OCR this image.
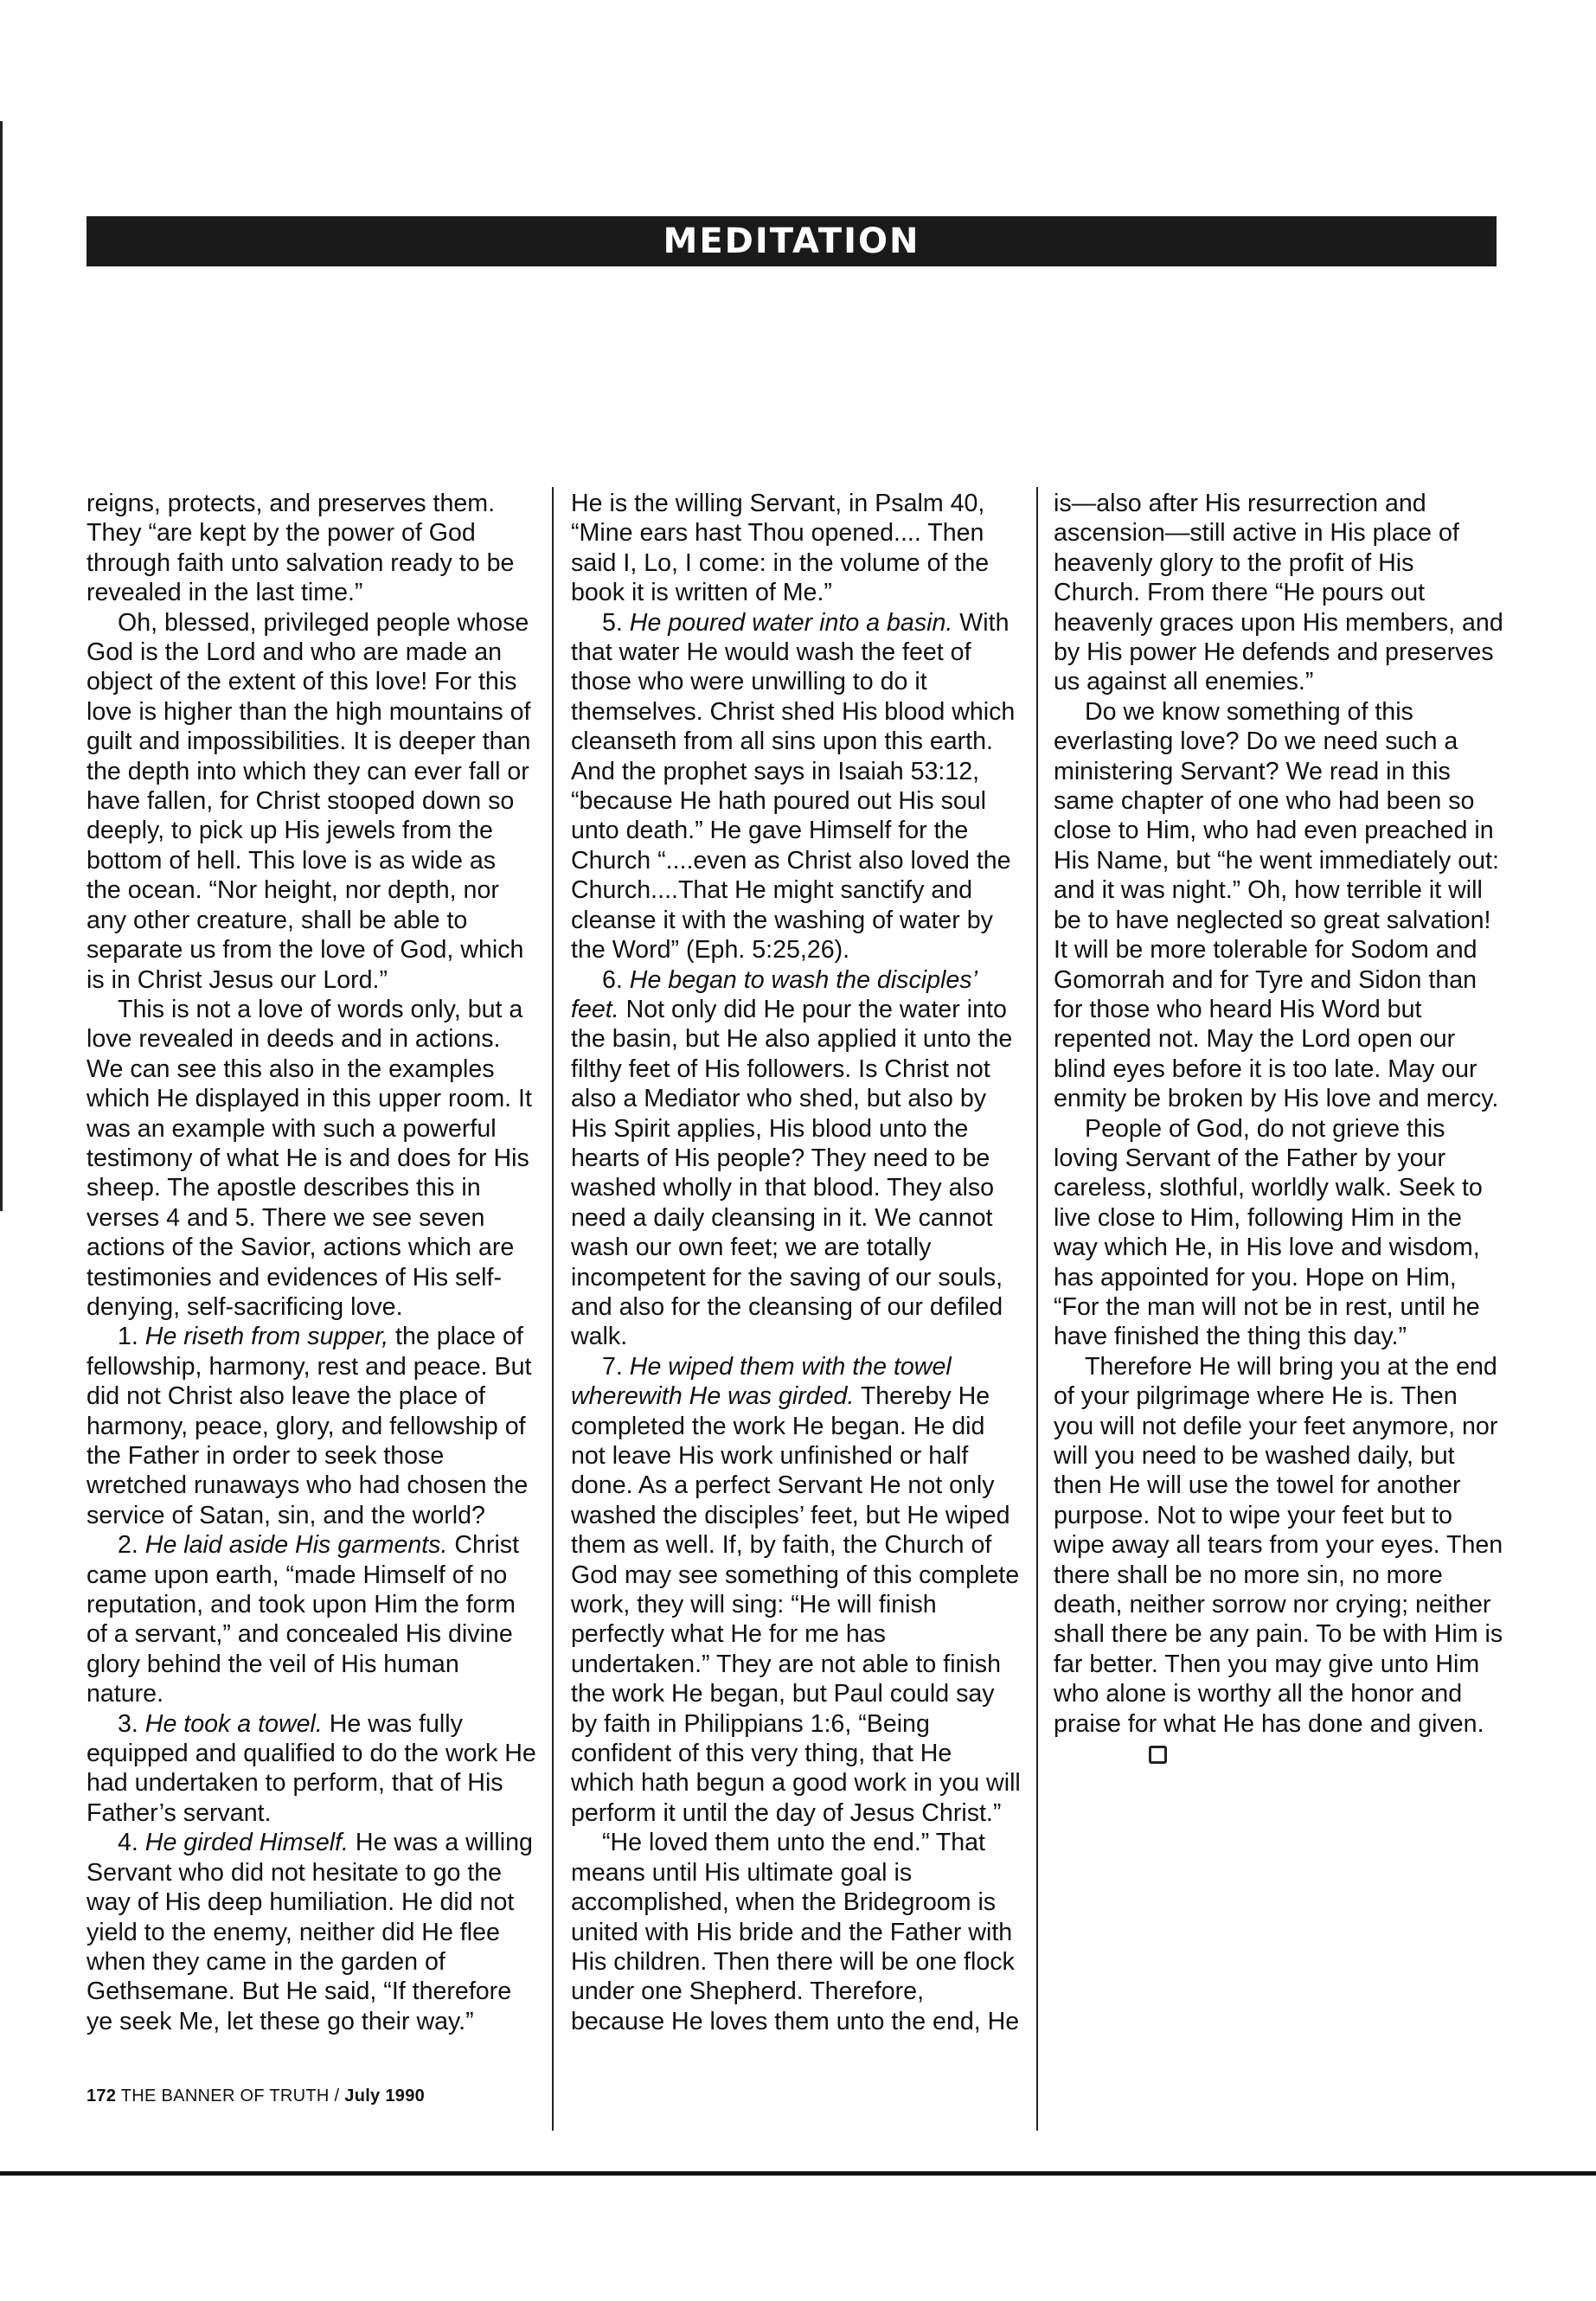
MEDITATION

reigns, protects, and preserves them. They “are kept by the power of God through faith unto salvation ready to be revealed in the last time.”

Oh, blessed, privileged people whose God is the Lord and who are made an object of the extent of this love! For this love is higher than the high mountains of guilt and impossibilities. It is deeper than the depth into which they can ever fall or have fallen, for Christ stooped down so deeply, to pick up His jewels from the bottom of hell. This love is as wide as the ocean. “Nor height, nor depth, nor any other creature, shall be able to separate us from the love of God, which is in Christ Jesus our Lord.”

This is not a love of words only, but a love revealed in deeds and in actions. We can see this also in the examples which He displayed in this upper room. It was an example with such a powerful testimony of what He is and does for His sheep. The apostle describes this in verses 4 and 5. There we see seven actions of the Savior, actions which are testimonies and evidences of His self-denying, self-sacrificing love.

1. He riseth from supper, the place of fellowship, harmony, rest and peace. But did not Christ also leave the place of harmony, peace, glory, and fellowship of the Father in order to seek those wretched runaways who had chosen the service of Satan, sin, and the world?

2. He laid aside His garments. Christ came upon earth, “made Himself of no reputation, and took upon Him the form of a servant,” and concealed His divine glory behind the veil of His human nature.

3. He took a towel. He was fully equipped and qualified to do the work He had undertaken to perform, that of His Father’s servant.

4. He girded Himself. He was a willing Servant who did not hesitate to go the way of His deep humiliation. He did not yield to the enemy, neither did He flee when they came in the garden of Gethsemane. But He said, “If therefore ye seek Me, let these go their way.”

He is the willing Servant, in Psalm 40, “Mine ears hast Thou opened.... Then said I, Lo, I come: in the volume of the book it is written of Me.”

5. He poured water into a basin. With that water He would wash the feet of those who were unwilling to do it themselves. Christ shed His blood which cleanseth from all sins upon this earth. And the prophet says in Isaiah 53:12, “because He hath poured out His soul unto death.” He gave Himself for the Church “....even as Christ also loved the Church....That He might sanctify and cleanse it with the washing of water by the Word” (Eph. 5:25,26).

6. He began to wash the disciples’ feet. Not only did He pour the water into the basin, but He also applied it unto the filthy feet of His followers. Is Christ not also a Mediator who shed, but also by His Spirit applies, His blood unto the hearts of His people? They need to be washed wholly in that blood. They also need a daily cleansing in it. We cannot wash our own feet; we are totally incompetent for the saving of our souls, and also for the cleansing of our defiled walk.

7. He wiped them with the towel wherewith He was girded. Thereby He completed the work He began. He did not leave His work unfinished or half done. As a perfect Servant He not only washed the disciples’ feet, but He wiped them as well. If, by faith, the Church of God may see something of this complete work, they will sing: “He will finish perfectly what He for me has undertaken.” They are not able to finish the work He began, but Paul could say by faith in Philippians 1:6, “Being confident of this very thing, that He which hath begun a good work in you will perform it until the day of Jesus Christ.”

“He loved them unto the end.” That means until His ultimate goal is accomplished, when the Bridegroom is united with His bride and the Father with His children. Then there will be one flock under one Shepherd. Therefore, because He loves them unto the end, He

is—also after His resurrection and ascension—still active in His place of heavenly glory to the profit of His Church. From there “He pours out heavenly graces upon His members, and by His power He defends and preserves us against all enemies.”

Do we know something of this everlasting love? Do we need such a ministering Servant? We read in this same chapter of one who had been so close to Him, who had even preached in His Name, but “he went immediately out: and it was night.” Oh, how terrible it will be to have neglected so great salvation! It will be more tolerable for Sodom and Gomorrah and for Tyre and Sidon than for those who heard His Word but repented not. May the Lord open our blind eyes before it is too late. May our enmity be broken by His love and mercy.

People of God, do not grieve this loving Servant of the Father by your careless, slothful, worldly walk. Seek to live close to Him, following Him in the way which He, in His love and wisdom, has appointed for you. Hope on Him, “For the man will not be in rest, until he have finished the thing this day.”

Therefore He will bring you at the end of your pilgrimage where He is. Then you will not defile your feet anymore, nor will you need to be washed daily, but then He will use the towel for another purpose. Not to wipe your feet but to wipe away all tears from your eyes. Then there shall be no more sin, no more death, neither sorrow nor crying; neither shall there be any pain. To be with Him is far better. Then you may give unto Him who alone is worthy all the honor and praise for what He has done and given.

172 THE BANNER OF TRUTH / July 1990
